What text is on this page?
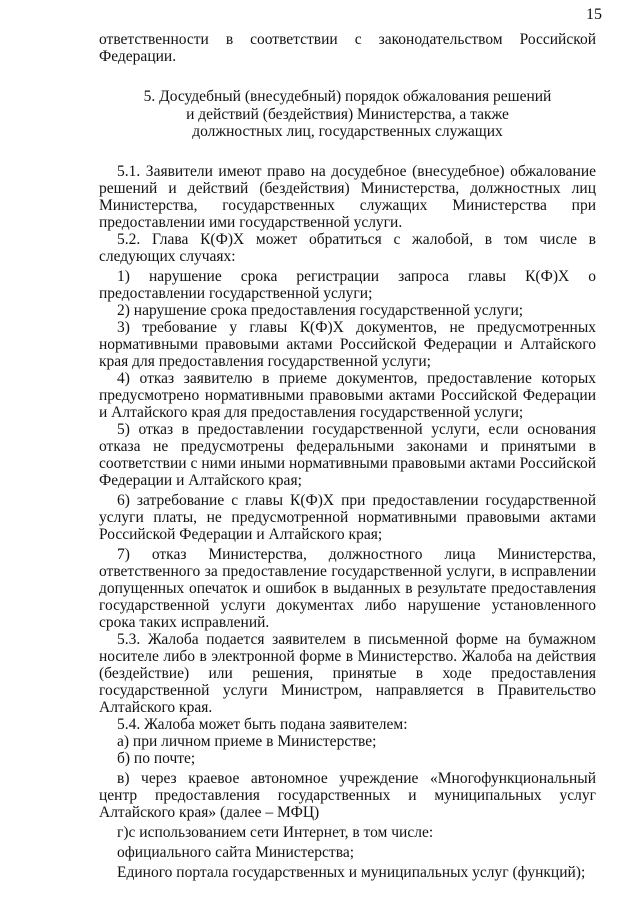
15

ответственности в соответствии с законодательством Российской Федерации.

5. Досудебный (внесудебный) порядок обжалования решений
и действий (бездействия) Министерства, а также
должностных лиц, государственных служащих

5.1. Заявители имеют право на досудебное (внесудебное) обжалование решений и действий (бездействия) Министерства, должностных лиц Министерства, государственных служащих Министерства при предоставлении ими государственной услуги.

5.2. Глава К(Ф)Х может обратиться с жалобой, в том числе в следующих случаях:

1) нарушение срока регистрации запроса главы К(Ф)Х о предоставлении государственной услуги;

2) нарушение срока предоставления государственной услуги;

3) требование у главы К(Ф)Х документов, не предусмотренных нормативными правовыми актами Российской Федерации и Алтайского края для предоставления государственной услуги;

4) отказ заявителю в приеме документов, предоставление которых предусмотрено нормативными правовыми актами Российской Федерации и Алтайского края для предоставления государственной услуги;

5) отказ в предоставлении государственной услуги, если основания отказа не предусмотрены федеральными законами и принятыми в соответствии с ними иными нормативными правовыми актами Российской Федерации и Алтайского края;

6) затребование с главы К(Ф)Х при предоставлении государственной услуги платы, не предусмотренной нормативными правовыми актами Российской Федерации и Алтайского края;

7) отказ Министерства, должностного лица Министерства, ответственного за предоставление государственной услуги, в исправлении допущенных опечаток и ошибок в выданных в результате предоставления государственной услуги документах либо нарушение установленного срока таких исправлений.

5.3. Жалоба подается заявителем в письменной форме на бумажном носителе либо в электронной форме в Министерство. Жалоба на действия (бездействие) или решения, принятые в ходе предоставления государственной услуги Министром, направляется в Правительство Алтайского края.

5.4. Жалоба может быть подана заявителем:

а) при личном приеме в Министерстве;

б) по почте;

в) через краевое автономное учреждение «Многофункциональный центр предоставления государственных и муниципальных услуг Алтайского края» (далее – МФЦ)

г)с использованием сети Интернет, в том числе:

официального сайта Министерства;

Единого портала государственных и муниципальных услуг (функций);
